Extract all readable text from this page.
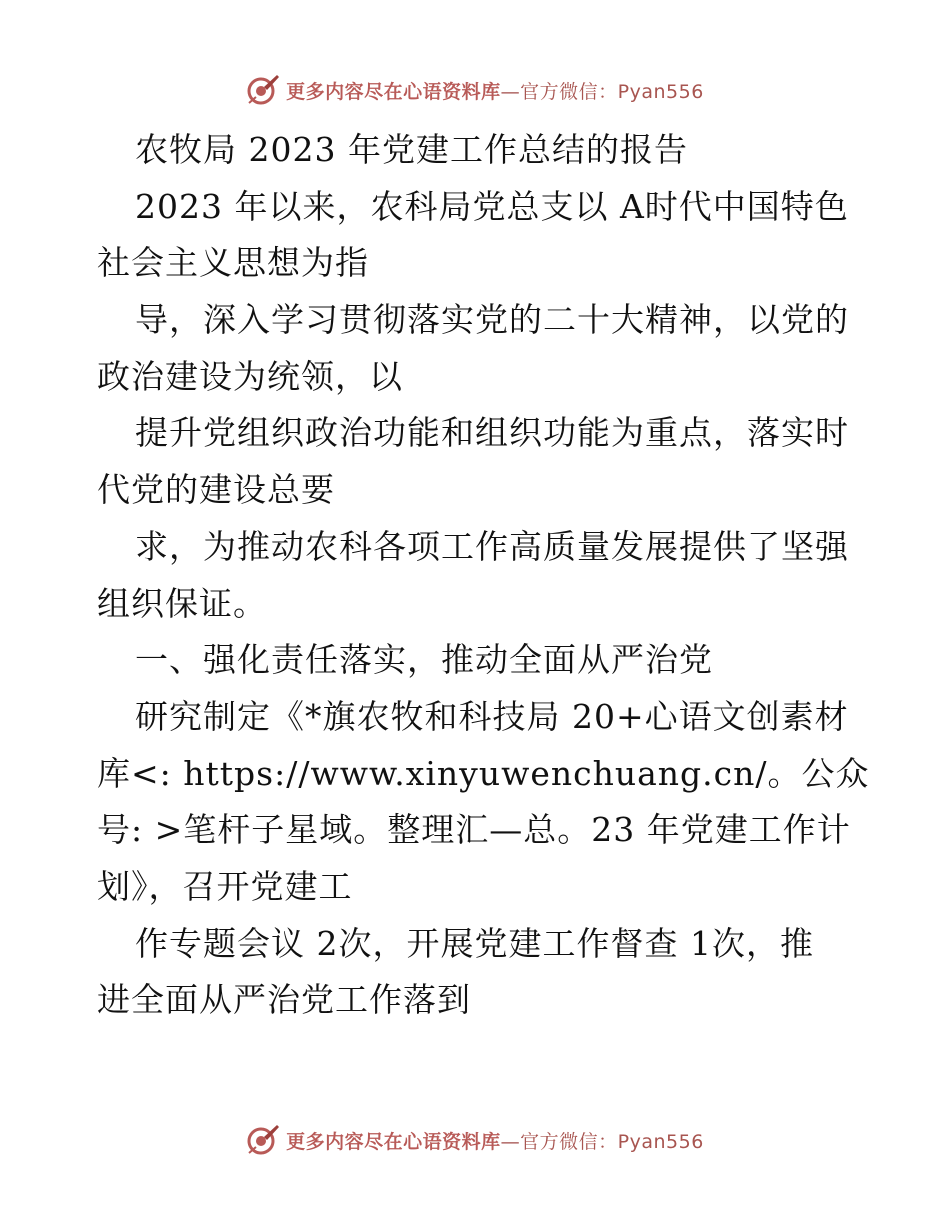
更多内容尽在心语资料库—官方微信：Pyan556
农牧局 2023 年党建工作总结的报告
2023 年以来，农科局党总支以 A时代中国特色
社会主义思想为指
导，深入学习贯彻落实党的二十大精神，以党的
政治建设为统领，以
提升党组织政治功能和组织功能为重点，落实时
代党的建设总要
求，为推动农科各项工作高质量发展提供了坚强
组织保证。
一、强化责任落实，推动全面从严治党
研究制定《*旗农牧和科技局 20+心语文创素材
库<: https://www.xinyuwenchuang.cn/。公众
号: >笔杆子星域。整理汇—总。23 年党建工作计
划》，召开党建工
作专题会议 2次，开展党建工作督查 1次，推
进全面从严治党工作落到
更多内容尽在心语资料库—官方微信：Pyan556
